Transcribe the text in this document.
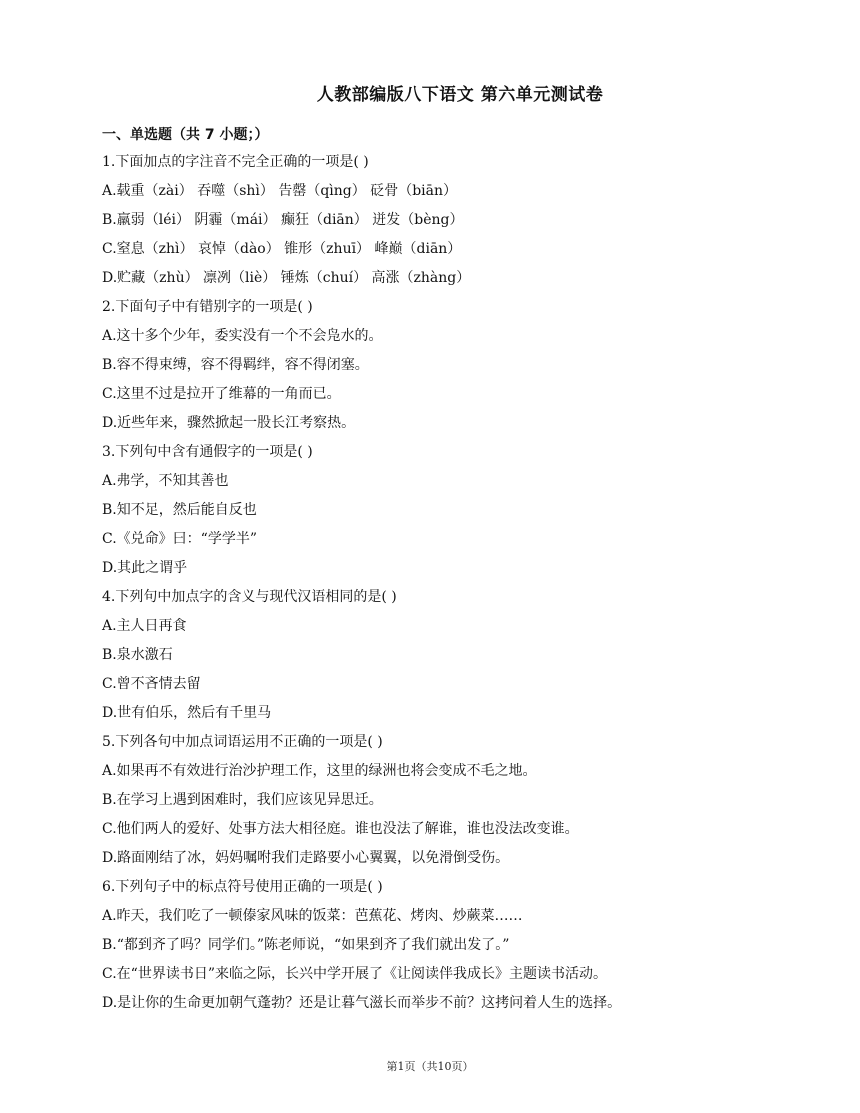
人教部编版八下语文 第六单元测试卷
一、单选题（共 7 小题；）
1.下面加点的字注音不完全正确的一项是( )
A.载重（zài） 吞噬（shì） 告罄（qìng） 砭骨（biān）
B.羸弱（léi） 阴霾（mái） 癫狂（diān） 迸发（bèng）
C.窒息（zhì） 哀悼（dào） 锥形（zhuī） 峰巅（diān）
D.贮藏（zhù） 凛冽（liè） 锤炼（chuí） 高涨（zhàng）
2.下面句子中有错别字的一项是( )
A.这十多个少年，委实没有一个不会凫水的。
B.容不得束缚，容不得羁绊，容不得闭塞。
C.这里不过是拉开了维幕的一角而已。
D.近些年来，骤然掀起一股长江考察热。
3.下列句中含有通假字的一项是( )
A.弗学，不知其善也
B.知不足，然后能自反也
C.《兑命》曰：“学学半”
D.其此之谓乎
4.下列句中加点字的含义与现代汉语相同的是( )
A.主人日再食
B.泉水激石
C.曾不吝情去留
D.世有伯乐，然后有千里马
5.下列各句中加点词语运用不正确的一项是( )
A.如果再不有效进行治沙护理工作，这里的绿洲也将会变成不毛之地。
B.在学习上遇到困难时，我们应该见异思迁。
C.他们两人的爱好、处事方法大相径庭。谁也没法了解谁，谁也没法改变谁。
D.路面刚结了冰，妈妈嘱咐我们走路要小心翼翼，以免滑倒受伤。
6.下列句子中的标点符号使用正确的一项是( )
A.昨天，我们吃了一顿傣家风味的饭菜：芭蕉花、烤肉、炒蕨菜……
B.“都到齐了吗？同学们。”陈老师说，“如果到齐了我们就出发了。”
C.在“世界读书日”来临之际，长兴中学开展了《让阅读伴我成长》主题读书活动。
D.是让你的生命更加朝气蓬勃？还是让暮气滋长而举步不前？这拷问着人生的选择。
第1页（共10页）
